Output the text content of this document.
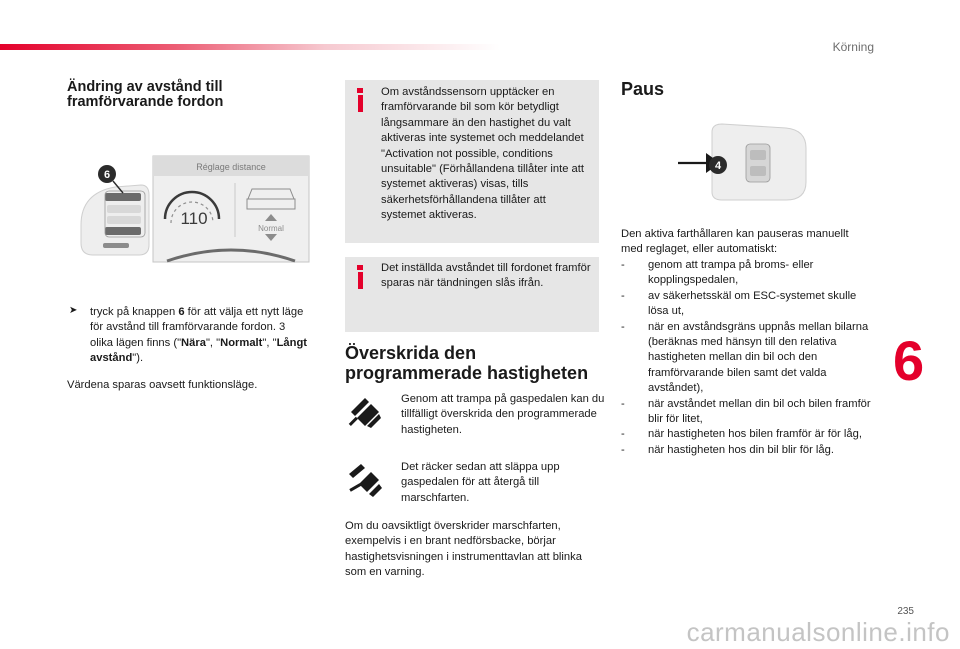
Körning
Ändring av avstånd till framförvarande fordon
6
Réglage distance
110
Normal
➤	tryck på knappen 6 för att välja ett nytt läge för avstånd till framförvarande fordon. 3 olika lägen finns ("Nära", "Normalt", "Långt avstånd").

Värdena sparas oavsett funktionsläge.

Om avståndssensorn upptäcker en framförvarande bil som kör betydligt långsammare än den hastighet du valt aktiveras inte systemet och meddelandet "Activation not possible, conditions unsuitable" (Förhållandena tillåter inte att systemet aktiveras) visas, tills säkerhetsförhållandena tillåter att systemet aktiveras.

Det inställda avståndet till fordonet framför sparas när tändningen slås ifrån.

Överskrida den programmerade hastigheten

Genom att trampa på gaspedalen kan du tillfälligt överskrida den programmerade hastigheten.

Det räcker sedan att släppa upp gaspedalen för att återgå till marschfarten.

Om du oavsiktligt överskrider marschfarten, exempelvis i en brant nedförsbacke, börjar hastighetsvisningen i instrumenttavlan att blinka som en varning.

Paus
4

Den aktiva farthållaren kan pauseras manuellt med reglaget, eller automatiskt:

- genom att trampa på broms- eller kopplingspedalen,
- av säkerhetsskäl om ESC-systemet skulle lösa ut,
- när en avståndsgräns uppnås mellan bilarna (beräknas med hänsyn till den relativa hastigheten mellan din bil och den framförvarande bilen samt det valda avståndet),
- när avståndet mellan din bil och bilen framför blir för litet,
- när hastigheten hos bilen framför är för låg,
- när hastigheten hos din bil blir för låg.
6
235
carmanualsonline.info
